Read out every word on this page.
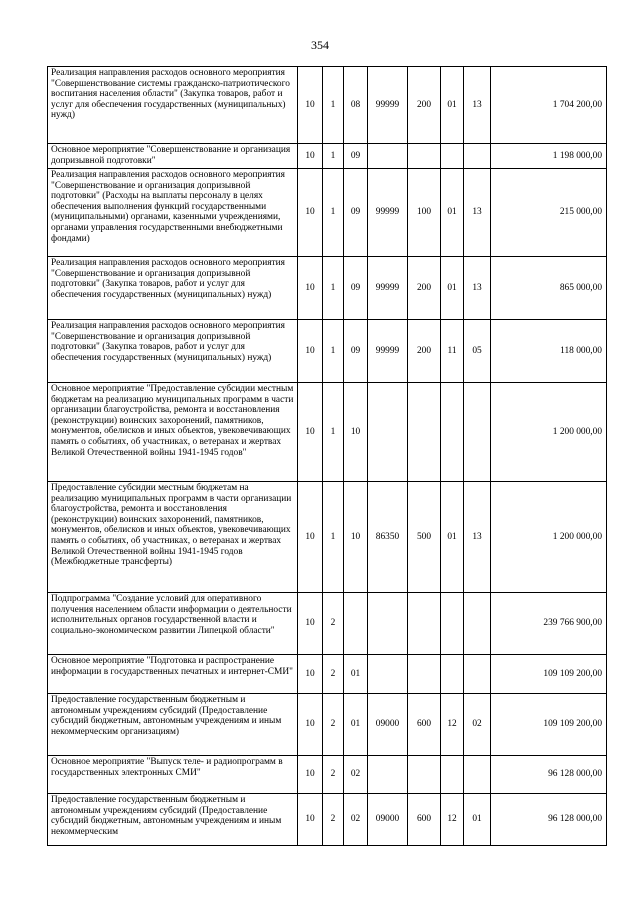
354
Реализация направления расходов основного мероприятия "Совершенствование системы гражданско-патриотического воспитания населения области" (Закупка товаров, работ и услуг для обеспечения государственных (муниципальных) нужд)	10	1	08	99999	200	01	13	1 704 200,00
Основное мероприятие "Совершенствование и организация допризывной подготовки"	10	1	09					1 198 000,00
Реализация направления расходов основного мероприятия "Совершенствование и организация допризывной подготовки" (Расходы на выплаты персоналу в целях обеспечения выполнения функций государственными (муниципальными) органами, казенными учреждениями, органами управления государственными внебюджетными фондами)	10	1	09	99999	100	01	13	215 000,00
Реализация направления расходов основного мероприятия "Совершенствование и организация допризывной подготовки" (Закупка товаров, работ и услуг для обеспечения государственных (муниципальных) нужд)	10	1	09	99999	200	01	13	865 000,00
Реализация направления расходов основного мероприятия "Совершенствование и организация допризывной подготовки" (Закупка товаров, работ и услуг для обеспечения государственных (муниципальных) нужд)	10	1	09	99999	200	11	05	118 000,00
Основное мероприятие "Предоставление субсидии местным бюджетам на реализацию муниципальных программ в части организации благоустройства, ремонта и восстановления (реконструкции) воинских захоронений, памятников, монументов, обелисков и иных объектов, увековечивающих память о событиях, об участниках, о ветеранах и жертвах Великой Отечественной войны 1941-1945 годов"	10	1	10					1 200 000,00
Предоставление субсидии местным бюджетам на реализацию муниципальных программ в части организации благоустройства, ремонта и восстановления (реконструкции) воинских захоронений, памятников, монументов, обелисков и иных объектов, увековечивающих память о событиях, об участниках, о ветеранах и жертвах Великой Отечественной войны 1941-1945 годов (Межбюджетные трансферты)	10	1	10	86350	500	01	13	1 200 000,00
Подпрограмма "Создание условий для оперативного получения населением области информации о деятельности исполнительных органов государственной власти и социально-экономическом развитии Липецкой области"	10	2						239 766 900,00
Основное мероприятие "Подготовка и распространение информации в государственных печатных и интернет-СМИ"	10	2	01					109 109 200,00
Предоставление государственным бюджетным и автономным учреждениям субсидий (Предоставление субсидий бюджетным, автономным учреждениям и иным некоммерческим организациям)	10	2	01	09000	600	12	02	109 109 200,00
Основное мероприятие "Выпуск теле- и радиопрограмм в государственных электронных СМИ"	10	2	02					96 128 000,00
Предоставление государственным бюджетным и автономным учреждениям субсидий (Предоставление субсидий бюджетным, автономным учреждениям и иным некоммерческим	10	2	02	09000	600	12	01	96 128 000,00
